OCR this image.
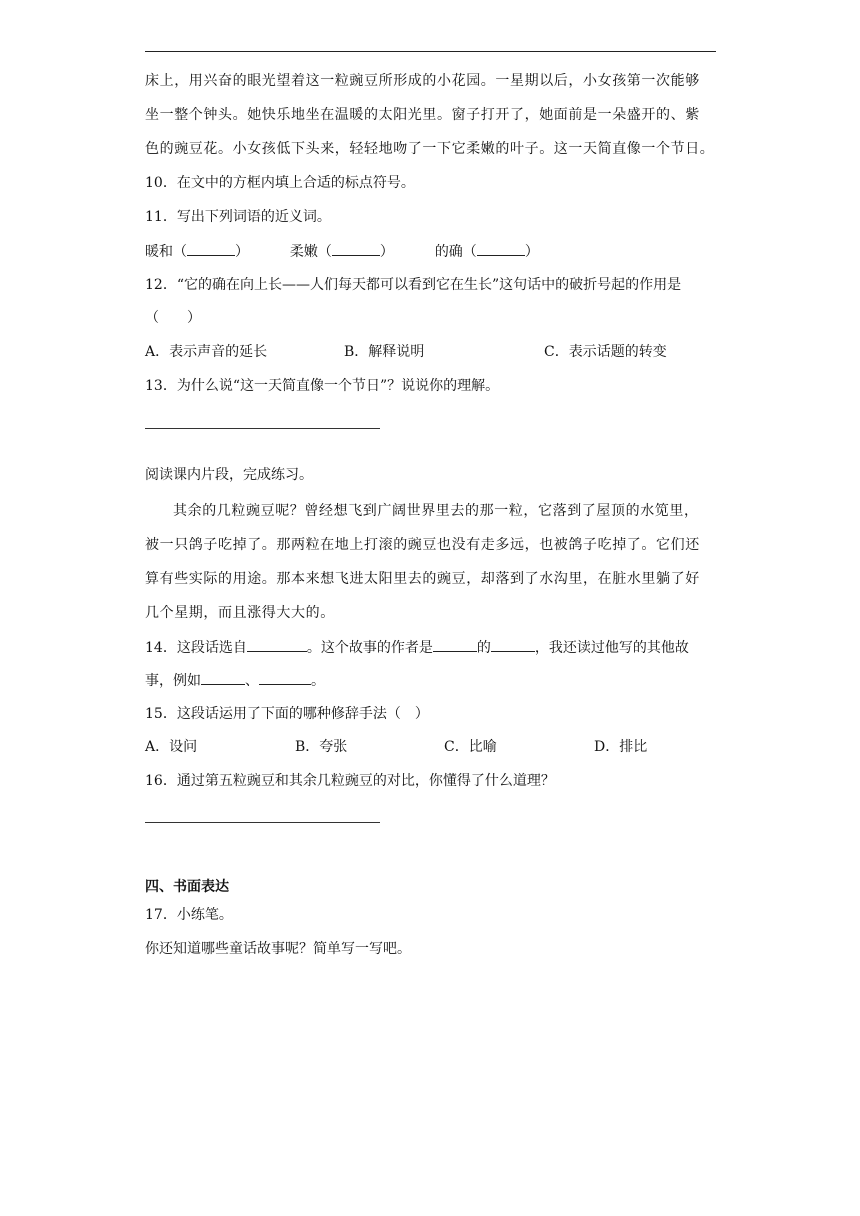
床上，用兴奋的眼光望着这一粒豌豆所形成的小花园。一星期以后，小女孩第一次能够
坐一整个钟头。她快乐地坐在温暖的太阳光里。窗子打开了，她面前是一朵盛开的、紫
色的豌豆花。小女孩低下头来，轻轻地吻了一下它柔嫩的叶子。这一天简直像一个节日。
10．在文中的方框内填上合适的标点符号。
11．写出下列词语的近义词。
暖和（	）	柔嫩（	）	的确（	）
12．“它的确在向上长——人们每天都可以看到它在生长”这句话中的破折号起的作用是
（　　）
A．表示声音的延长	B．解释说明	C．表示话题的转变
13．为什么说“这一天简直像一个节日”？说说你的理解。
阅读课内片段，完成练习。
其余的几粒豌豆呢？曾经想飞到广阔世界里去的那一粒，它落到了屋顶的水笕里，
被一只鸽子吃掉了。那两粒在地上打滚的豌豆也没有走多远，也被鸽子吃掉了。它们还
算有些实际的用途。那本来想飞进太阳里去的豌豆，却落到了水沟里，在脏水里躺了好
几个星期，而且涨得大大的。
14．这段话选自	。这个故事的作者是	的	，我还读过他写的其他故
事，例如	、	。
15．这段话运用了下面的哪种修辞手法（　）
A．设问	B．夸张	C．比喻	D．排比
16．通过第五粒豌豆和其余几粒豌豆的对比，你懂得了什么道理？
四、书面表达
17．小练笔。
你还知道哪些童话故事呢？简单写一写吧。
